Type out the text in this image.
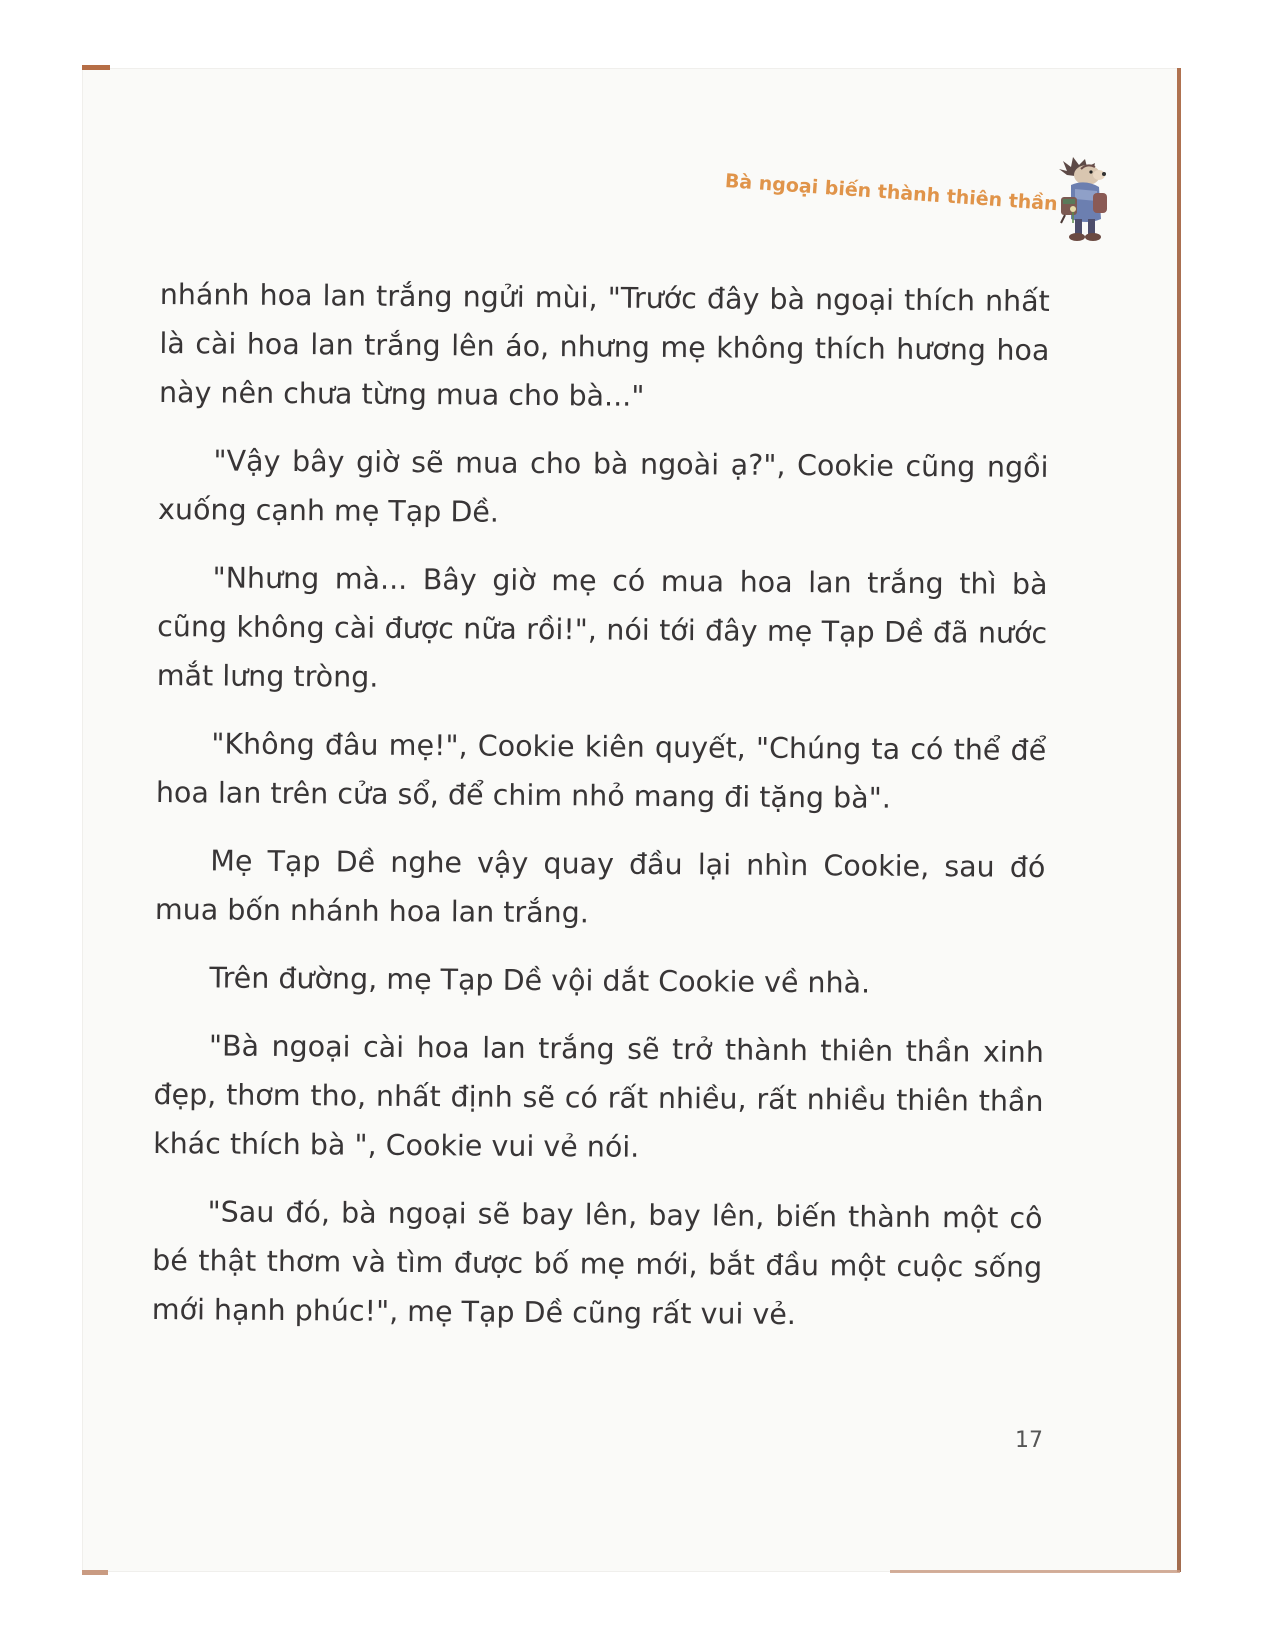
Bà ngoại biến thành thiên thần

nhánh hoa lan trắng ngửi mùi, "Trước đây bà ngoại thích nhất là cài hoa lan trắng lên áo, nhưng mẹ không thích hương hoa này nên chưa từng mua cho bà..."

"Vậy bây giờ sẽ mua cho bà ngoài ạ?", Cookie cũng ngồi xuống cạnh mẹ Tạp Dề.

"Nhưng mà... Bây giờ mẹ có mua hoa lan trắng thì bà cũng không cài được nữa rồi!", nói tới đây mẹ Tạp Dề đã nước mắt lưng tròng.

"Không đâu mẹ!", Cookie kiên quyết, "Chúng ta có thể để hoa lan trên cửa sổ, để chim nhỏ mang đi tặng bà".

Mẹ Tạp Dề nghe vậy quay đầu lại nhìn Cookie, sau đó mua bốn nhánh hoa lan trắng.

Trên đường, mẹ Tạp Dề vội dắt Cookie về nhà.

"Bà ngoại cài hoa lan trắng sẽ trở thành thiên thần xinh đẹp, thơm tho, nhất định sẽ có rất nhiều, rất nhiều thiên thần khác thích bà ", Cookie vui vẻ nói.

"Sau đó, bà ngoại sẽ bay lên, bay lên, biến thành một cô bé thật thơm và tìm được bố mẹ mới, bắt đầu một cuộc sống mới hạnh phúc!", mẹ Tạp Dề cũng rất vui vẻ.

17
